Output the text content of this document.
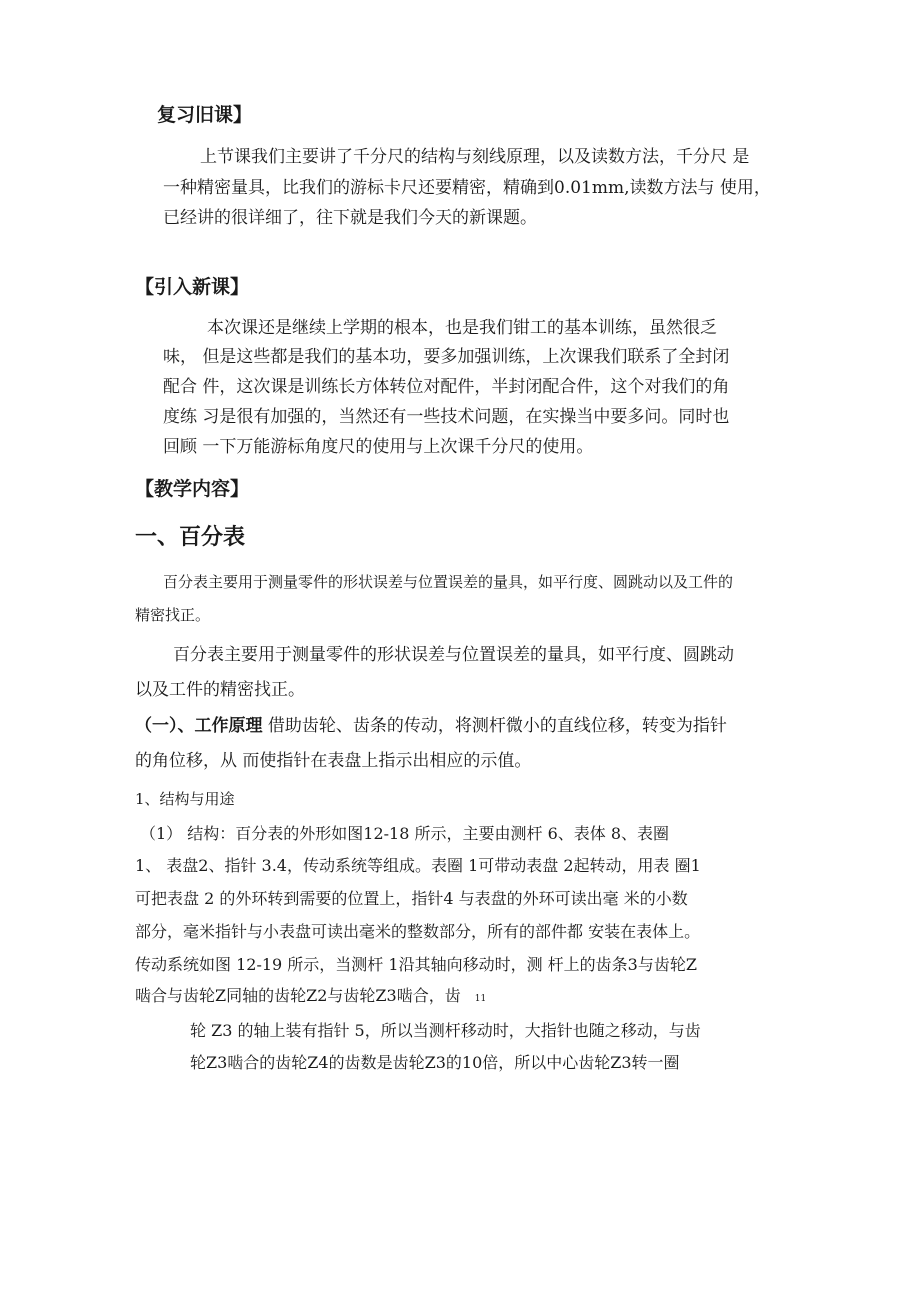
复习旧课】
上节课我们主要讲了千分尺的结构与刻线原理，以及读数方法，千分尺 是
一种精密量具，比我们的游标卡尺还要精密，精确到0.01mm,读数方法与 使用，
已经讲的很详细了，往下就是我们今天的新课题。
【引入新课】
本次课还是继续上学期的根本，也是我们钳工的基本训练，虽然很乏
味， 但是这些都是我们的基本功，要多加强训练，上次课我们联系了全封闭
配合 件，这次课是训练长方体转位对配件，半封闭配合件，这个对我们的角
度练 习是很有加强的，当然还有一些技术问题，在实操当中要多问。同时也
回顾 一下万能游标角度尺的使用与上次课千分尺的使用。
【教学内容】
一、百分表
百分表主要用于测量零件的形状误差与位置误差的量具，如平行度、圆跳动以及工件的
精密找正。
百分表主要用于测量零件的形状误差与位置误差的量具，如平行度、圆跳动
以及工件的精密找正。
（一）、工作原理 借助齿轮、齿条的传动，将测杆微小的直线位移，转变为指针
的角位移，从 而使指针在表盘上指示出相应的示值。
1、结构与用途
（1） 结构：百分表的外形如图12-18 所示，主要由测杆 6、表体 8、表圈
1、 表盘2、指针 3.4，传动系统等组成。表圈 1可带动表盘 2起转动，用表 圈1
可把表盘 2 的外环转到需要的位置上，指针4 与表盘的外环可读出毫 米的小数
部分，毫米指针与小表盘可读出毫米的整数部分，所有的部件都 安装在表体上。
传动系统如图 12-19 所示，当测杆 1沿其轴向移动时，测 杆上的齿条3与齿轮Z
啮合与齿轮Z同轴的齿轮Z2与齿轮Z3啮合，齿 11
轮 Z3 的轴上装有指针 5，所以当测杆移动时，大指针也随之移动，与齿
轮Z3啮合的齿轮Z4的齿数是齿轮Z3的10倍，所以中心齿轮Z3转一圈
